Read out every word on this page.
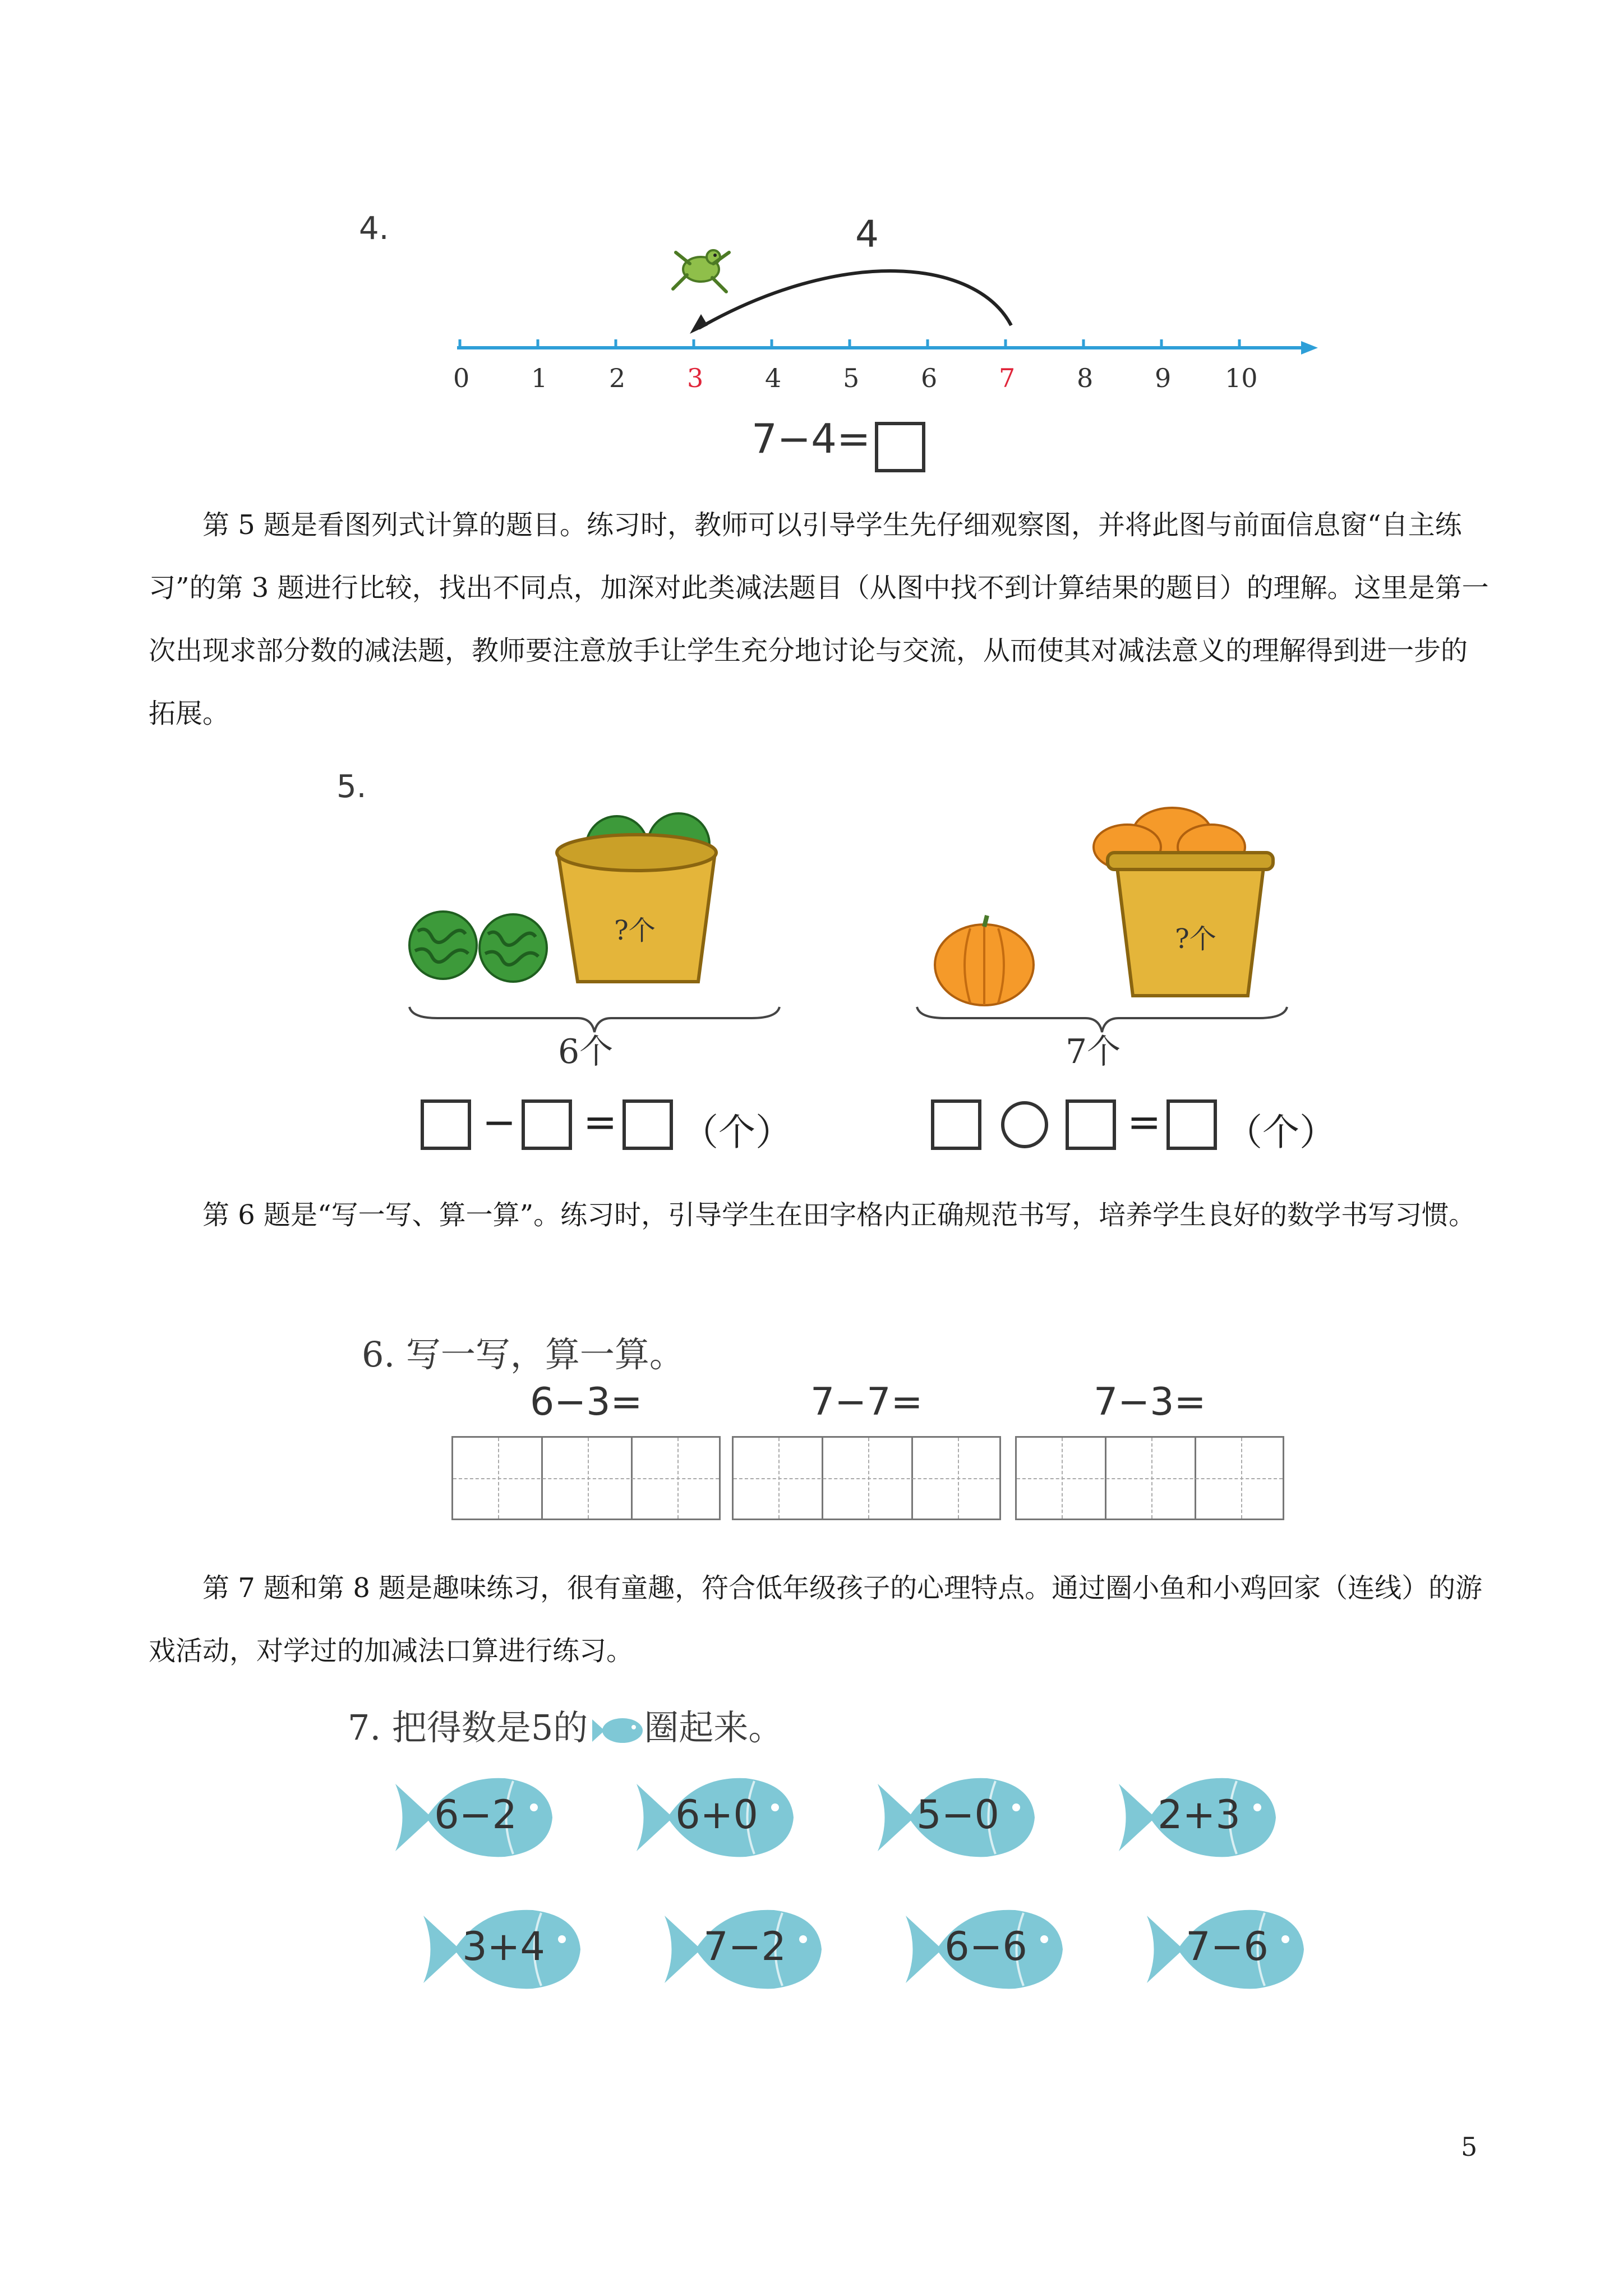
4.	4
0 1 2 3 4 5 6 7 8 9 10
7−4=
第 5 题是看图列式计算的题目。练习时，教师可以引导学生先仔细观察图，并将此图与前面信息窗“自主练习”的第 3 题进行比较，找出不同点，加深对此类减法题目（从图中找不到计算结果的题目）的理解。这里是第一次出现求部分数的减法题，教师要注意放手让学生充分地讨论与交流，从而使其对减法意义的理解得到进一步的拓展。
5.
?个
6个
?个
7个
− = （个）	= （个）
第 6 题是“写一写、算一算”。练习时，引导学生在田字格内正确规范书写，培养学生良好的数学书写习惯。
6. 写一写，算一算。
6−3=	7−7=	7−3=
第 7 题和第 8 题是趣味练习，很有童趣，符合低年级孩子的心理特点。通过圈小鱼和小鸡回家（连线）的游戏活动，对学过的加减法口算进行练习。
7. 把得数是5的 圈起来。
6−2	6+0	5−0	2+3
3+4	7−2	6−6	7−6
5
